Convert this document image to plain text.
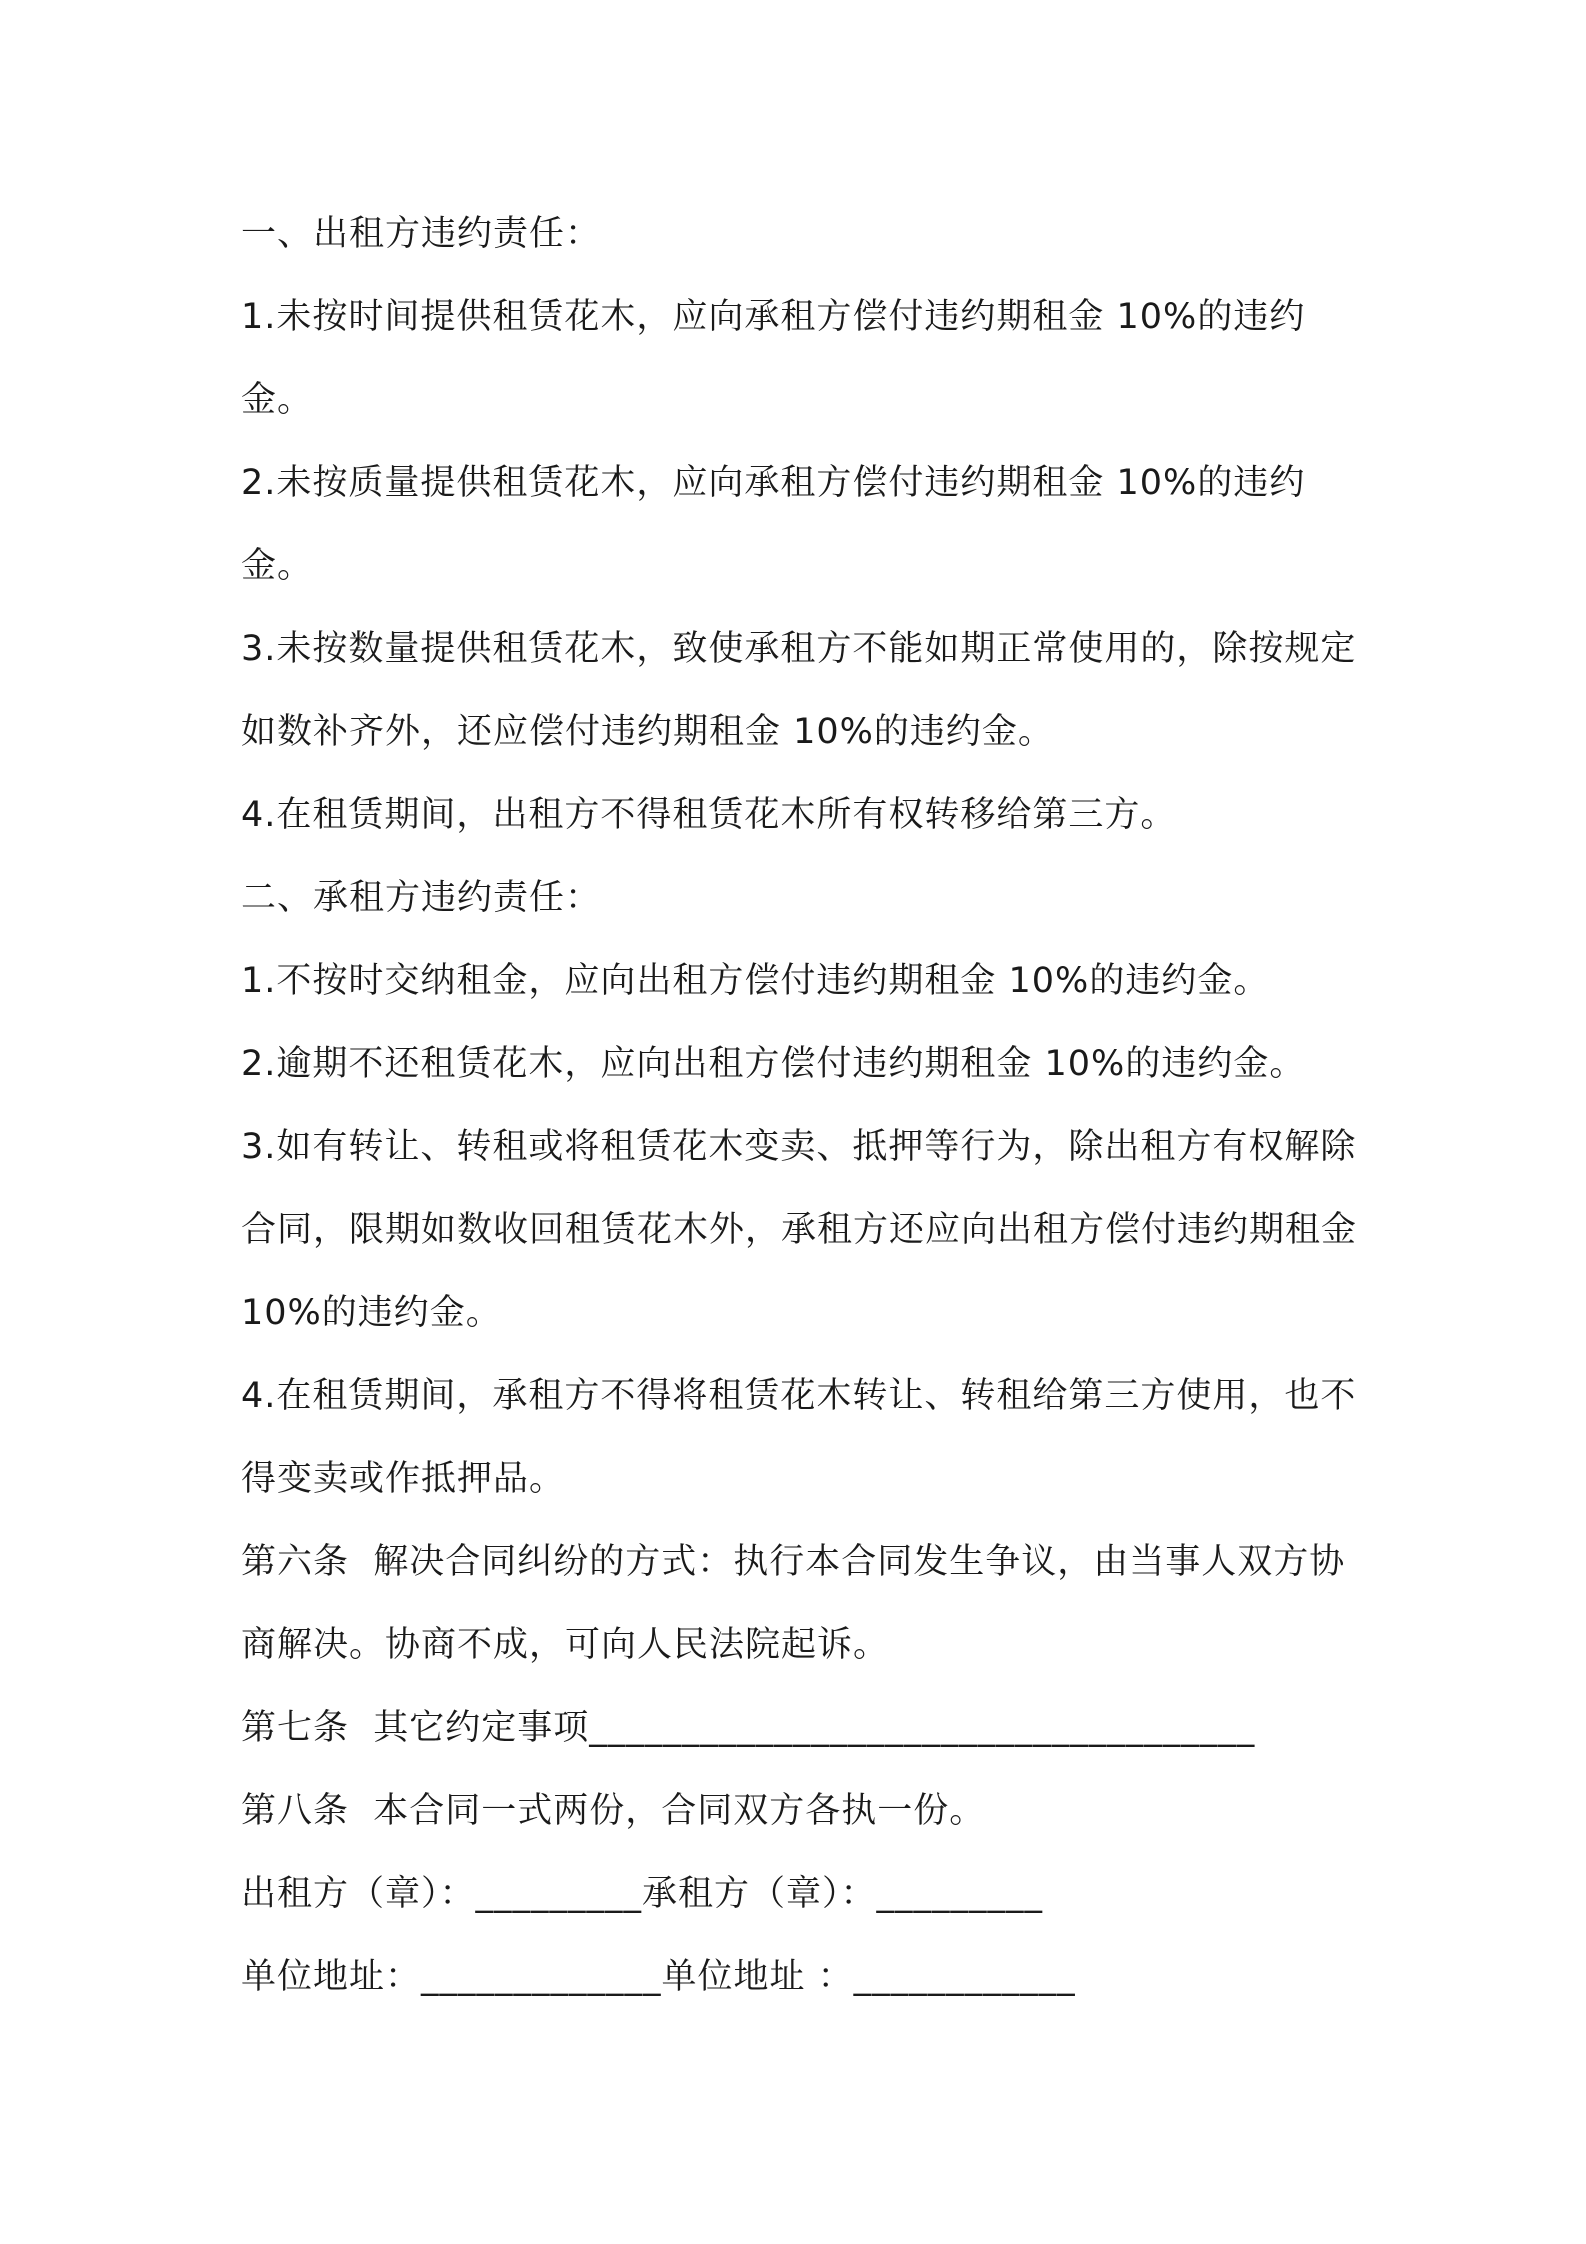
一、出租方违约责任：

1.未按时间提供租赁花木，应向承租方偿付违约期租金 10%的违约金。

2.未按质量提供租赁花木，应向承租方偿付违约期租金 10%的违约金。

3.未按数量提供租赁花木，致使承租方不能如期正常使用的，除按规定如数补齐外，还应偿付违约期租金 10%的违约金。

4.在租赁期间，出租方不得租赁花木所有权转移给第三方。

二、承租方违约责任：

1.不按时交纳租金，应向出租方偿付违约期租金 10%的违约金。

2.逾期不还租赁花木，应向出租方偿付违约期租金 10%的违约金。

3.如有转让、转租或将租赁花木变卖、抵押等行为，除出租方有权解除合同，限期如数收回租赁花木外，承租方还应向出租方偿付违约期租金 10%的违约金。

4.在租赁期间，承租方不得将租赁花木转让、转租给第三方使用，也不得变卖或作抵押品。

第六条  解决合同纠纷的方式：执行本合同发生争议，由当事人双方协商解决。协商不成，可向人民法院起诉。

第七条  其它约定事项____________________________________

第八条  本合同一式两份，合同双方各执一份。

出租方（章）：_________承租方（章）：_________

单位地址：_____________单位地址 ：____________
